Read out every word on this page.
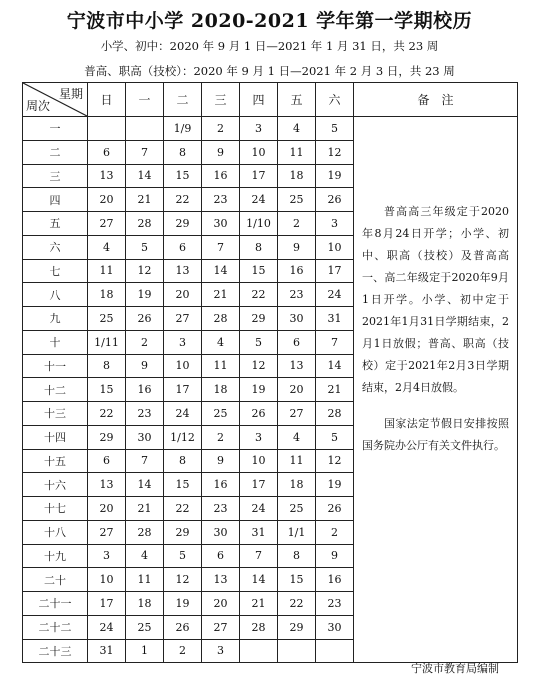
宁波市中小学 2020-2021 学年第一学期校历
小学、初中：2020 年 9 月 1 日—2021 年 1 月 31 日，共 23 周
普高、职高（技校）：2020 年 9 月 1 日—2021 年 2 月 3 日，共 23 周
星期
周次	日	一	二	三	四	五	六	备　注
一			1/9	2	3	4	5	普高高三年级定于2020年8月24日开学；小学、初中、职高（技校）及普高高一、高二年级定于2020年9月1日开学。小学、初中定于2021年1月31日学期结束，2月1日放假；普高、职高（技校）定于2021年2月3日学期结束，2月4日放假。

国家法定节假日安排按照国务院办公厅有关文件执行。

二	6	7	8	9	10	11	12	
三	13	14	15	16	17	18	19	
四	20	21	22	23	24	25	26	
五	27	28	29	30	1/10	2	3	
六	4	5	6	7	8	9	10	
七	11	12	13	14	15	16	17	
八	18	19	20	21	22	23	24	
九	25	26	27	28	29	30	31	
十	1/11	2	3	4	5	6	7	
十一	8	9	10	11	12	13	14	
十二	15	16	17	18	19	20	21	
十三	22	23	24	25	26	27	28	
十四	29	30	1/12	2	3	4	5	
十五	6	7	8	9	10	11	12	
十六	13	14	15	16	17	18	19	
十七	20	21	22	23	24	25	26	
十八	27	28	29	30	31	1/1	2	
十九	3	4	5	6	7	8	9	
二十	10	11	12	13	14	15	16	
二十一	17	18	19	20	21	22	23	
二十二	24	25	26	27	28	29	30	
二十三	31	1	2	3				
宁波市教育局编制
